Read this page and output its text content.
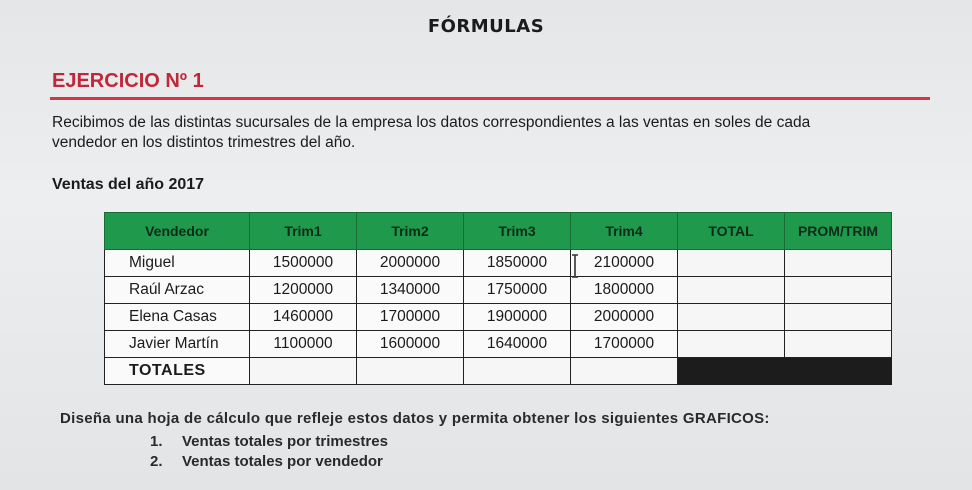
FÓRMULAS
EJERCICIO Nº 1

Recibimos de las distintas sucursales de la empresa los datos correspondientes a las ventas en soles de cada

vendedor en los distintos trimestres del año.

Ventas del año 2017
Vendedor	Trim1	Trim2	Trim3	Trim4	TOTAL	PROM/TRIM
Miguel	1500000	2000000	1850000	2100000		
Raúl Arzac	1200000	1340000	1750000	1800000		
Elena Casas	1460000	1700000	1900000	2000000		
Javier Martín	1100000	1600000	1640000	1700000		
TOTALES						
Diseña una hoja de cálculo que refleje estos datos y permita obtener los siguientes GRAFICOS:
1. Ventas totales por trimestres
2. Ventas totales por vendedor
